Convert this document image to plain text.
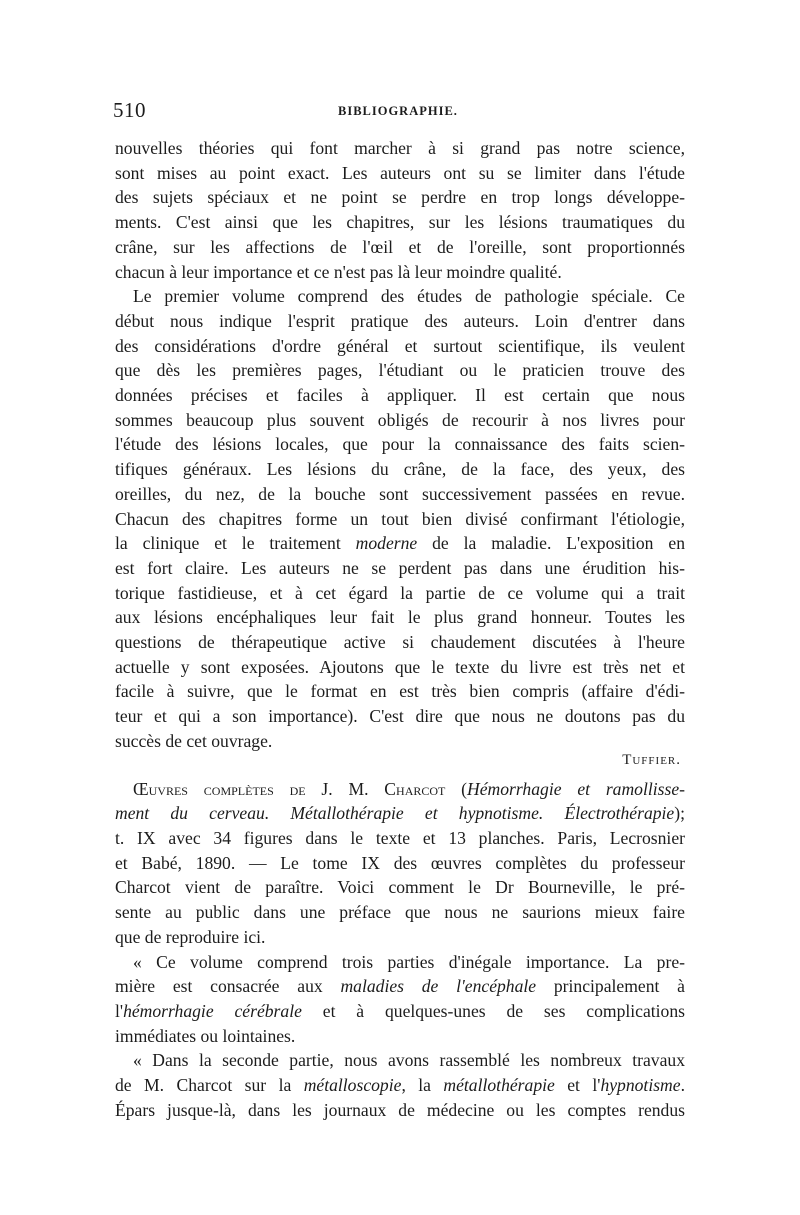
510	BIBLIOGRAPHIE.
nouvelles théories qui font marcher à si grand pas notre science,
sont mises au point exact. Les auteurs ont su se limiter dans l'étude
des sujets spéciaux et ne point se perdre en trop longs développe-
ments. C'est ainsi que les chapitres, sur les lésions traumatiques du
crâne, sur les affections de l'œil et de l'oreille, sont proportionnés
chacun à leur importance et ce n'est pas là leur moindre qualité.
Le premier volume comprend des études de pathologie spéciale. Ce
début nous indique l'esprit pratique des auteurs. Loin d'entrer dans
des considérations d'ordre général et surtout scientifique, ils veulent
que dès les premières pages, l'étudiant ou le praticien trouve des
données précises et faciles à appliquer. Il est certain que nous
sommes beaucoup plus souvent obligés de recourir à nos livres pour
l'étude des lésions locales, que pour la connaissance des faits scien-
tifiques généraux. Les lésions du crâne, de la face, des yeux, des
oreilles, du nez, de la bouche sont successivement passées en revue.
Chacun des chapitres forme un tout bien divisé confirmant l'étiologie,
la clinique et le traitement moderne de la maladie. L'exposition en
est fort claire. Les auteurs ne se perdent pas dans une érudition his-
torique fastidieuse, et à cet égard la partie de ce volume qui a trait
aux lésions encéphaliques leur fait le plus grand honneur. Toutes les
questions de thérapeutique active si chaudement discutées à l'heure
actuelle y sont exposées. Ajoutons que le texte du livre est très net et
facile à suivre, que le format en est très bien compris (affaire d'édi-
teur et qui a son importance). C'est dire que nous ne doutons pas du
succès de cet ouvrage.
Tuffier.
Œuvres complètes de J. M. Charcot (Hémorrhagie et ramollisse-
ment du cerveau. Métallothérapie et hypnotisme. Électrothérapie);
t. IX avec 34 figures dans le texte et 13 planches. Paris, Lecrosnier
et Babé, 1890. — Le tome IX des œuvres complètes du professeur
Charcot vient de paraître. Voici comment le Dr Bourneville, le pré-
sente au public dans une préface que nous ne saurions mieux faire
que de reproduire ici.
« Ce volume comprend trois parties d'inégale importance. La pre-
mière est consacrée aux maladies de l'encéphale principalement à
l'hémorrhagie cérébrale et à quelques-unes de ses complications
immédiates ou lointaines.
« Dans la seconde partie, nous avons rassemblé les nombreux travaux
de M. Charcot sur la métalloscopie, la métallothérapie et l'hypnotisme.
Épars jusque-là, dans les journaux de médecine ou les comptes rendus
